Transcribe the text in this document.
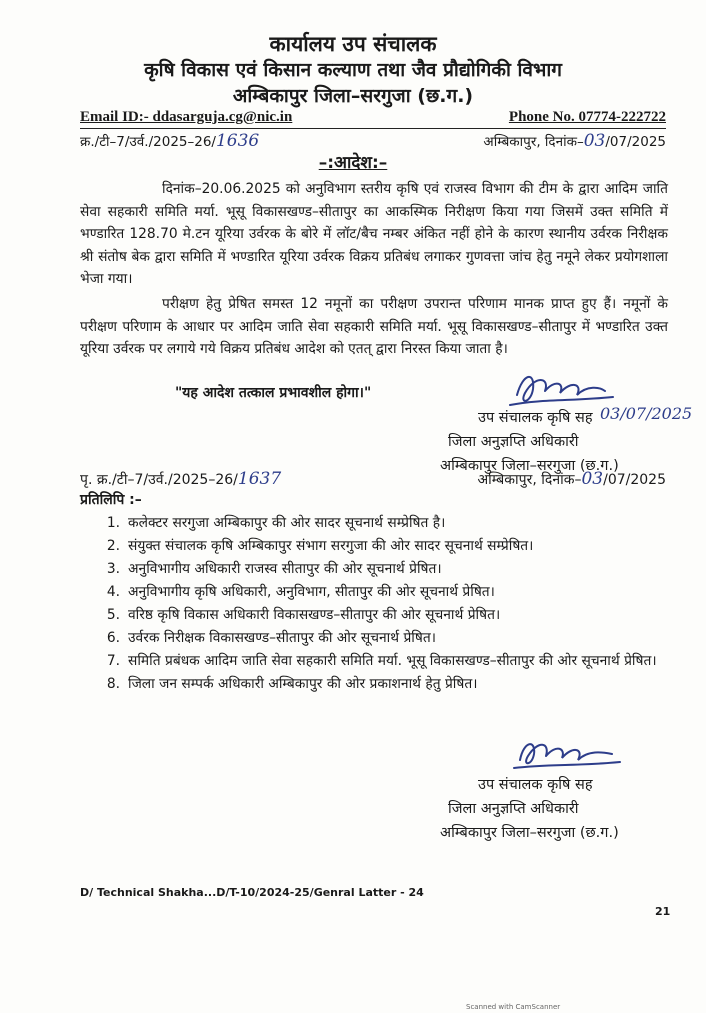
कार्यालय उप संचालक
कृषि विकास एवं किसान कल्याण तथा जैव प्रौद्योगिकी विभाग
अम्बिकापुर जिला–सरगुजा (छ.ग.)
Email ID:- ddasarguja.cg@nic.in	Phone No. 07774-222722
क्र./टी–7/उर्व./2025–26/1636	अम्बिकापुर, दिनांक–03/07/2025
–:आदेश:–
दिनांक–20.06.2025 को अनुविभाग स्तरीय कृषि एवं राजस्व विभाग की टीम के द्वारा आदिम जाति सेवा सहकारी समिति मर्या. भूसू विकासखण्ड–सीतापुर का आकस्मिक निरीक्षण किया गया जिसमें उक्त समिति में भण्डारित 128.70 मे.टन यूरिया उर्वरक के बोरे में लॉट/बैच नम्बर अंकित नहीं होने के कारण स्थानीय उर्वरक निरीक्षक श्री संतोष बेक द्वारा समिति में भण्डारित यूरिया उर्वरक विक्रय प्रतिबंध लगाकर गुणवत्ता जांच हेतु नमूने लेकर प्रयोगशाला भेजा गया।
परीक्षण हेतु प्रेषित समस्त 12 नमूनों का परीक्षण उपरान्त परिणाम मानक प्राप्त हुए हैं। नमूनों के परीक्षण परिणाम के आधार पर आदिम जाति सेवा सहकारी समिति मर्या. भूसू विकासखण्ड–सीतापुर में भण्डारित उक्त यूरिया उर्वरक पर लगाये गये विक्रय प्रतिबंध आदेश को एतत् द्वारा निरस्त किया जाता है।
"यह आदेश तत्काल प्रभावशील होगा।"
03/07/2025
उप संचालक कृषि सह
जिला अनुज्ञप्ति अधिकारी
अम्बिकापुर जिला–सरगुजा (छ.ग.)
पृ. क्र./टी–7/उर्व./2025–26/1637	अम्बिकापुर, दिनांक–03/07/2025
प्रतिलिपि :–
1. कलेक्टर सरगुजा अम्बिकापुर की ओर सादर सूचनार्थ सम्प्रेषित है।
2. संयुक्त संचालक कृषि अम्बिकापुर संभाग सरगुजा की ओर सादर सूचनार्थ सम्प्रेषित।
3. अनुविभागीय अधिकारी राजस्व सीतापुर की ओर सूचनार्थ प्रेषित।
4. अनुविभागीय कृषि अधिकारी, अनुविभाग, सीतापुर की ओर सूचनार्थ प्रेषित।
5. वरिष्ठ कृषि विकास अधिकारी विकासखण्ड–सीतापुर की ओर सूचनार्थ प्रेषित।
6. उर्वरक निरीक्षक विकासखण्ड–सीतापुर की ओर सूचनार्थ प्रेषित।
7. समिति प्रबंधक आदिम जाति सेवा सहकारी समिति मर्या. भूसू विकासखण्ड–सीतापुर की ओर सूचनार्थ प्रेषित।
8. जिला जन सम्पर्क अधिकारी अम्बिकापुर की ओर प्रकाशनार्थ हेतु प्रेषित।
उप संचालक कृषि सह
जिला अनुज्ञप्ति अधिकारी
अम्बिकापुर जिला–सरगुजा (छ.ग.)
D/ Technical Shakha...D/T-10/2024-25/Genral Latter - 24
21
Scanned with CamScanner
